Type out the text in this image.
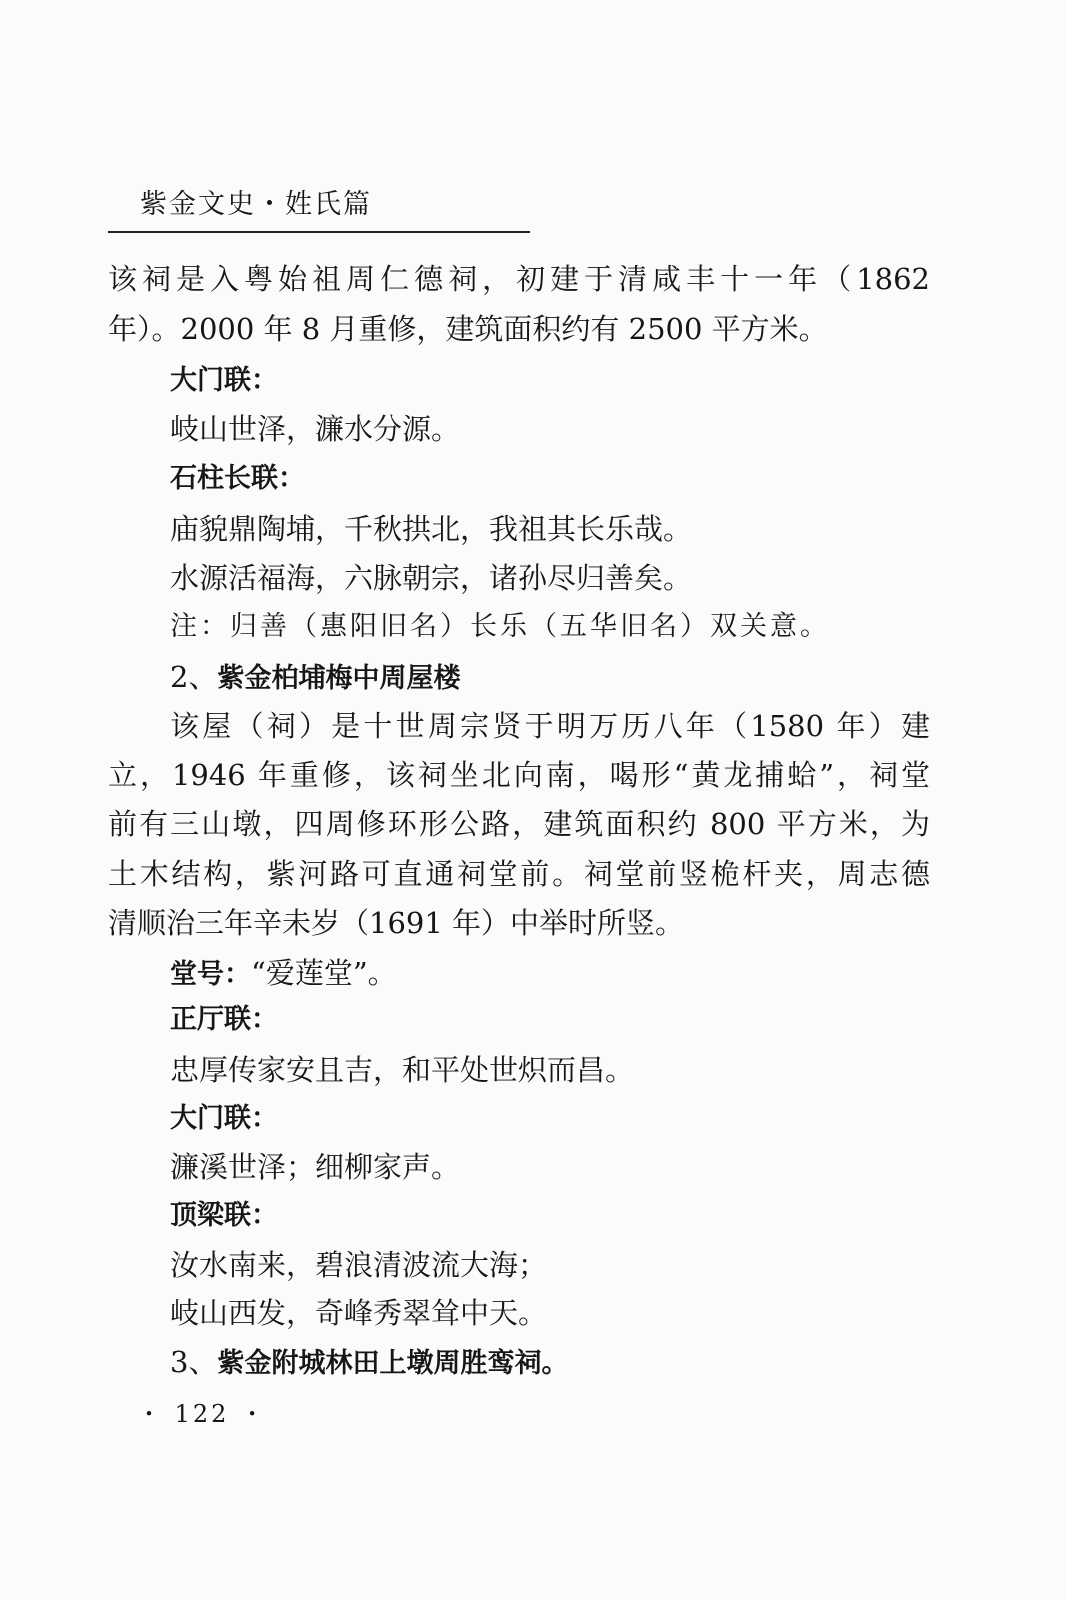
紫金文史・姓氏篇
该祠是入粤始祖周仁德祠，初建于清咸丰十一年（1862
年）。2000 年 8 月重修，建筑面积约有 2500 平方米。
大门联：
岐山世泽，濂水分源。
石柱长联：
庙貌鼎陶埔，千秋拱北，我祖其长乐哉。
水源活福海，六脉朝宗，诸孙尽归善矣。
注：归善（惠阳旧名）长乐（五华旧名）双关意。
2、紫金柏埔梅中周屋楼
该屋（祠）是十世周宗贤于明万历八年（1580 年）建
立，1946 年重修，该祠坐北向南，喝形“黄龙捕蛤”，祠堂
前有三山墩，四周修环形公路，建筑面积约 800 平方米，为
土木结构，紫河路可直通祠堂前。祠堂前竖桅杆夹，周志德
清顺治三年辛未岁（1691 年）中举时所竖。
堂号：“爱莲堂”。
正厅联：
忠厚传家安且吉，和平处世炽而昌。
大门联：
濂溪世泽；细柳家声。
顶梁联：
汝水南来，碧浪清波流大海；
岐山西发，奇峰秀翠耸中天。
3、紫金附城林田上墩周胜鸾祠。
・ 122 ・
